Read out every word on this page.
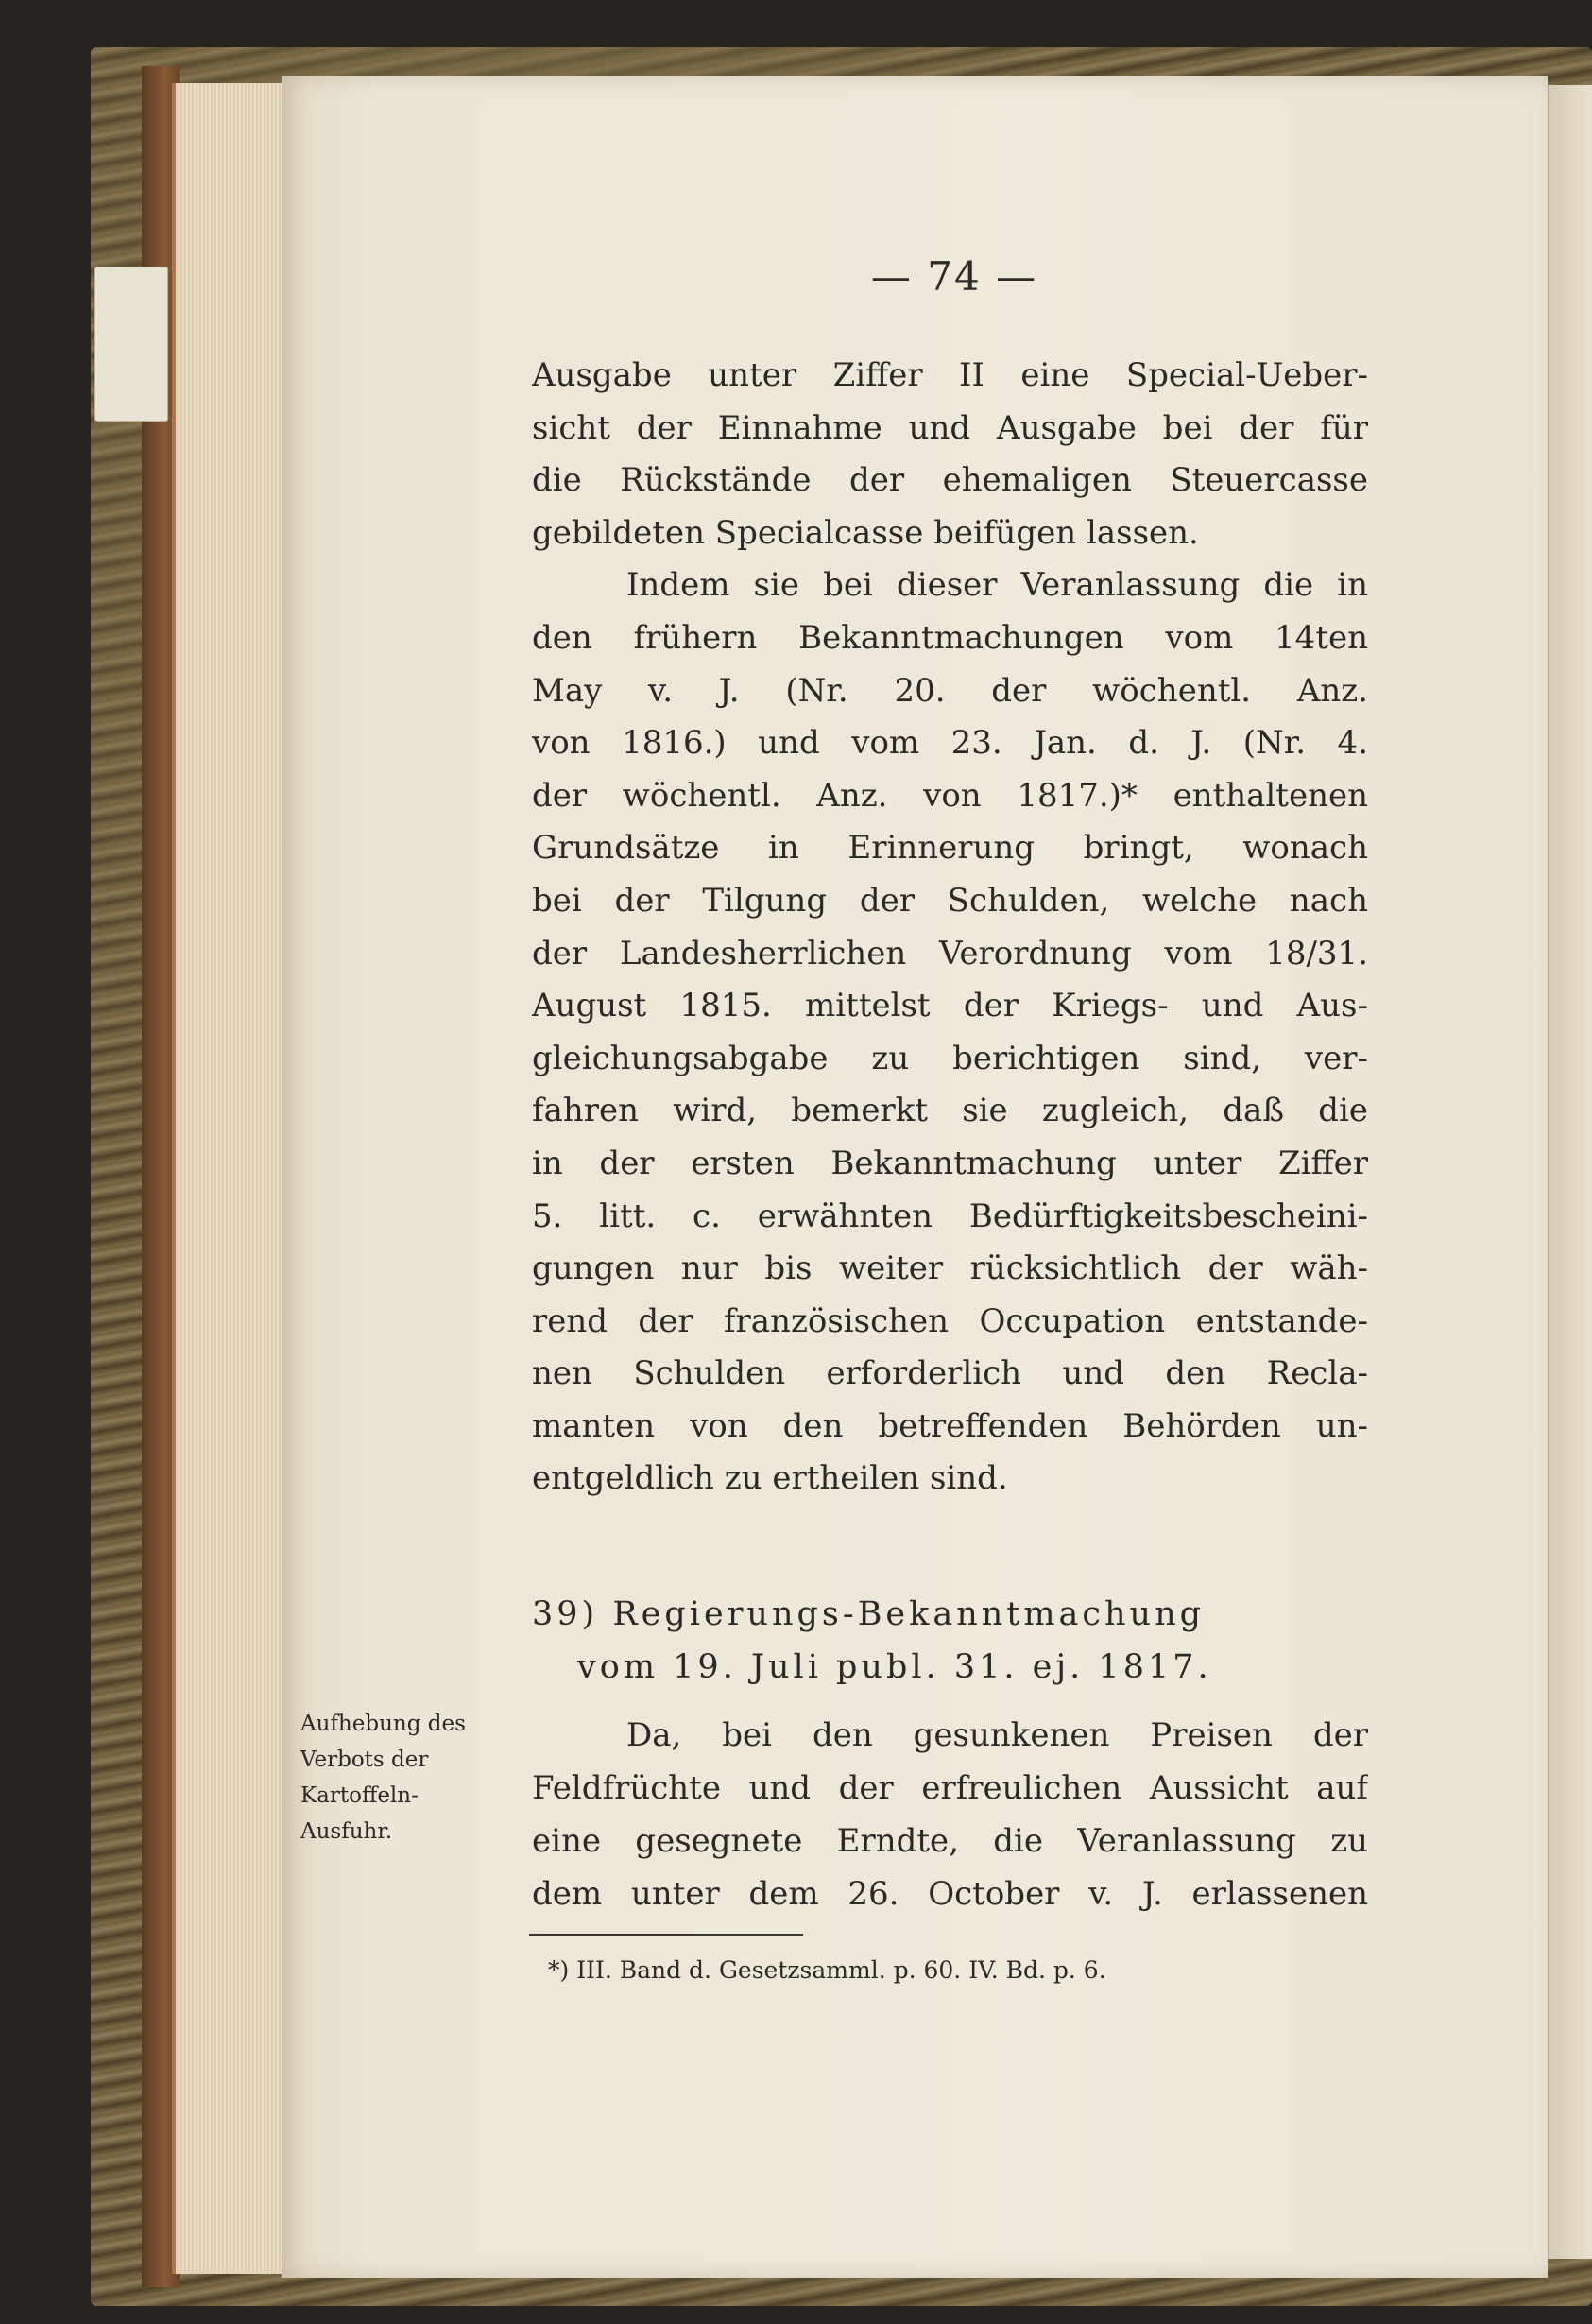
— 74 —
Ausgabe unter Ziffer II eine Special-Ueber-
sicht der Einnahme und Ausgabe bei der für
die Rückstände der ehemaligen Steuercasse
gebildeten Specialcasse beifügen lassen.
Indem sie bei dieser Veranlassung die in
den frühern Bekanntmachungen vom 14ten
May v. J. (Nr. 20. der wöchentl. Anz.
von 1816.) und vom 23. Jan. d. J. (Nr. 4.
der wöchentl. Anz. von 1817.)* enthaltenen
Grundsätze in Erinnerung bringt, wonach
bei der Tilgung der Schulden, welche nach
der Landesherrlichen Verordnung vom 18/31.
August 1815. mittelst der Kriegs- und Aus-
gleichungsabgabe zu berichtigen sind, ver-
fahren wird, bemerkt sie zugleich, daß die
in der ersten Bekanntmachung unter Ziffer
5. litt. c. erwähnten Bedürftigkeitsbescheini-
gungen nur bis weiter rücksichtlich der wäh-
rend der französischen Occupation entstande-
nen Schulden erforderlich und den Recla-
manten von den betreffenden Behörden un-
entgeldlich zu ertheilen sind.
39) Regierungs-Bekanntmachung
vom 19. Juli publ. 31. ej. 1817.
Aufhebung des
Verbots der
Kartoffeln-
Ausfuhr.
Da, bei den gesunkenen Preisen der
Feldfrüchte und der erfreulichen Aussicht auf
eine gesegnete Erndte, die Veranlassung zu
dem unter dem 26. October v. J. erlassenen
*) III. Band d. Gesetzsamml. p. 60. IV. Bd. p. 6.
